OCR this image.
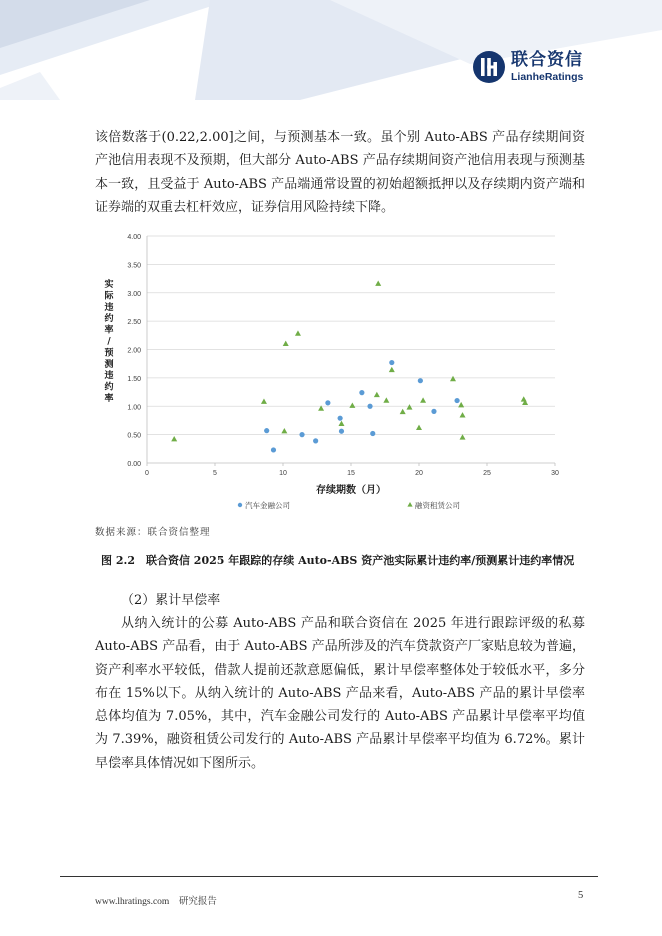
联合资信
LianheRatings

该倍数落于(0.22,2.00]之间，与预测基本一致。虽个别 Auto-ABS 产品存续期间资产池信用表现不及预期，但大部分 Auto-ABS 产品存续期间资产池信用表现与预测基本一致，且受益于 Auto-ABS 产品端通常设置的初始超额抵押以及存续期内资产端和证券端的双重去杠杆效应，证券信用风险持续下降。

0.00
0.50
1.00
1.50
2.00
2.50
3.00
3.50
4.00
0	5	10	15	20	25	30
存续期数（月）
实际违约率/预测违约率
汽车金融公司	融资租赁公司
数据来源：联合资信整理
图 2.2　联合资信 2025 年跟踪的存续 Auto-ABS 资产池实际累计违约率/预测累计违约率情况

（2）累计早偿率

从纳入统计的公募 Auto-ABS 产品和联合资信在 2025 年进行跟踪评级的私募 Auto-ABS 产品看，由于 Auto-ABS 产品所涉及的汽车贷款资产厂家贴息较为普遍，资产利率水平较低，借款人提前还款意愿偏低，累计早偿率整体处于较低水平，多分布在 15%以下。从纳入统计的 Auto-ABS 产品来看，Auto-ABS 产品的累计早偿率总体均值为 7.05%，其中，汽车金融公司发行的 Auto-ABS 产品累计早偿率平均值为 7.39%，融资租赁公司发行的 Auto-ABS 产品累计早偿率平均值为 6.72%。累计早偿率具体情况如下图所示。

www.lhratings.com　 研究报告
5
